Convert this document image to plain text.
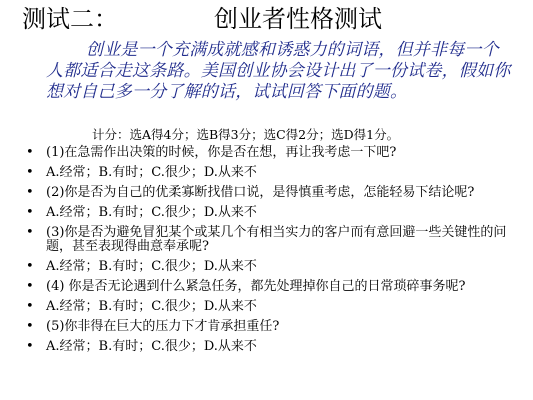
测试二：	创业者性格测试
创业是一个充满成就感和诱惑力的词语，但并非每一个人都适合走这条路。美国创业协会设计出了一份试卷，假如你想对自己多一分了解的话，试试回答下面的题。
计分：选A得4分；选B得3分；选C得2分；选D得1分。
• (1)在急需作出决策的时候，你是否在想，再让我考虑一下吧?
• A.经常；B.有时；C.很少；D.从来不
• (2)你是否为自己的优柔寡断找借口说，是得慎重考虑，怎能轻易下结论呢?
• A.经常；B.有时；C.很少；D.从来不
• (3)你是否为避免冒犯某个或某几个有相当实力的客户而有意回避一些关键性的问题，甚至表现得曲意奉承呢?
• A.经常；B.有时；C.很少；D.从来不
• (4) 你是否无论遇到什么紧急任务，都先处理掉你自己的日常琐碎事务呢?
• A.经常；B.有时；C.很少；D.从来不
• (5)你非得在巨大的压力下才肯承担重任?
• A.经常；B.有时；C.很少；D.从来不
